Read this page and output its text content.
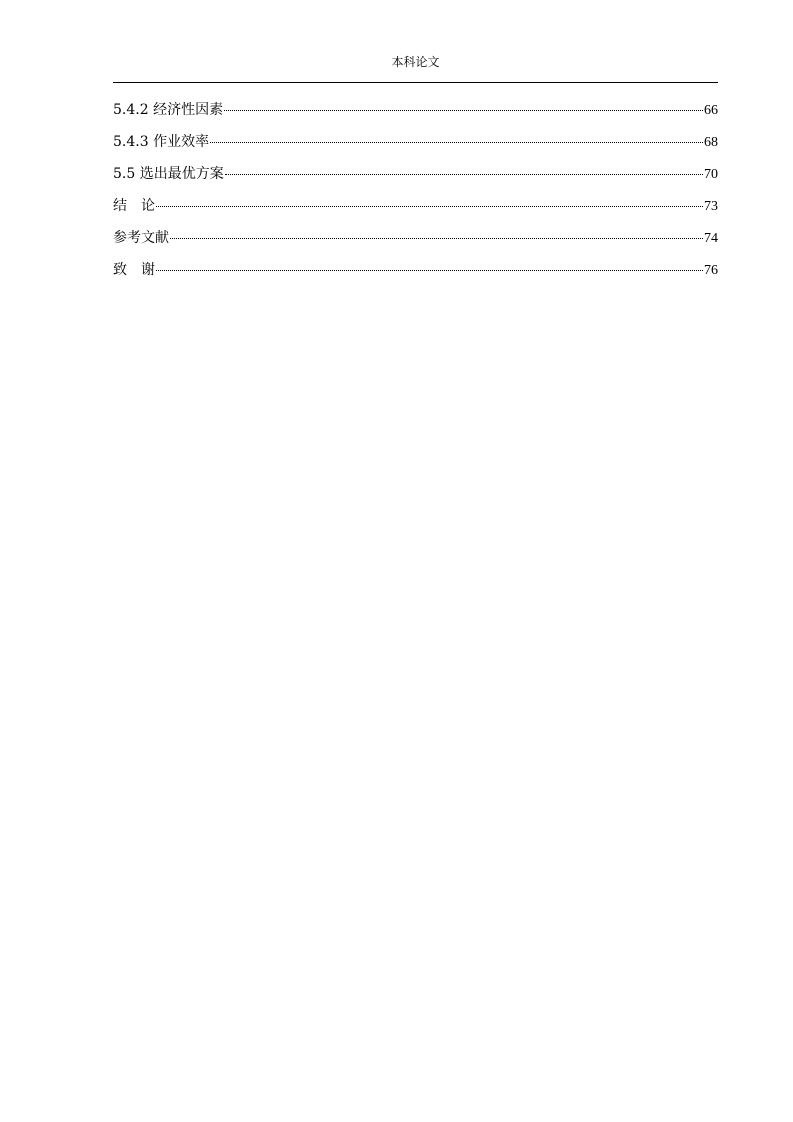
本科论文
5.4.2 经济性因素	66
5.4.3 作业效率	68
5.5 选出最优方案	70
结　论	73
参考文献	74
致　谢	76
